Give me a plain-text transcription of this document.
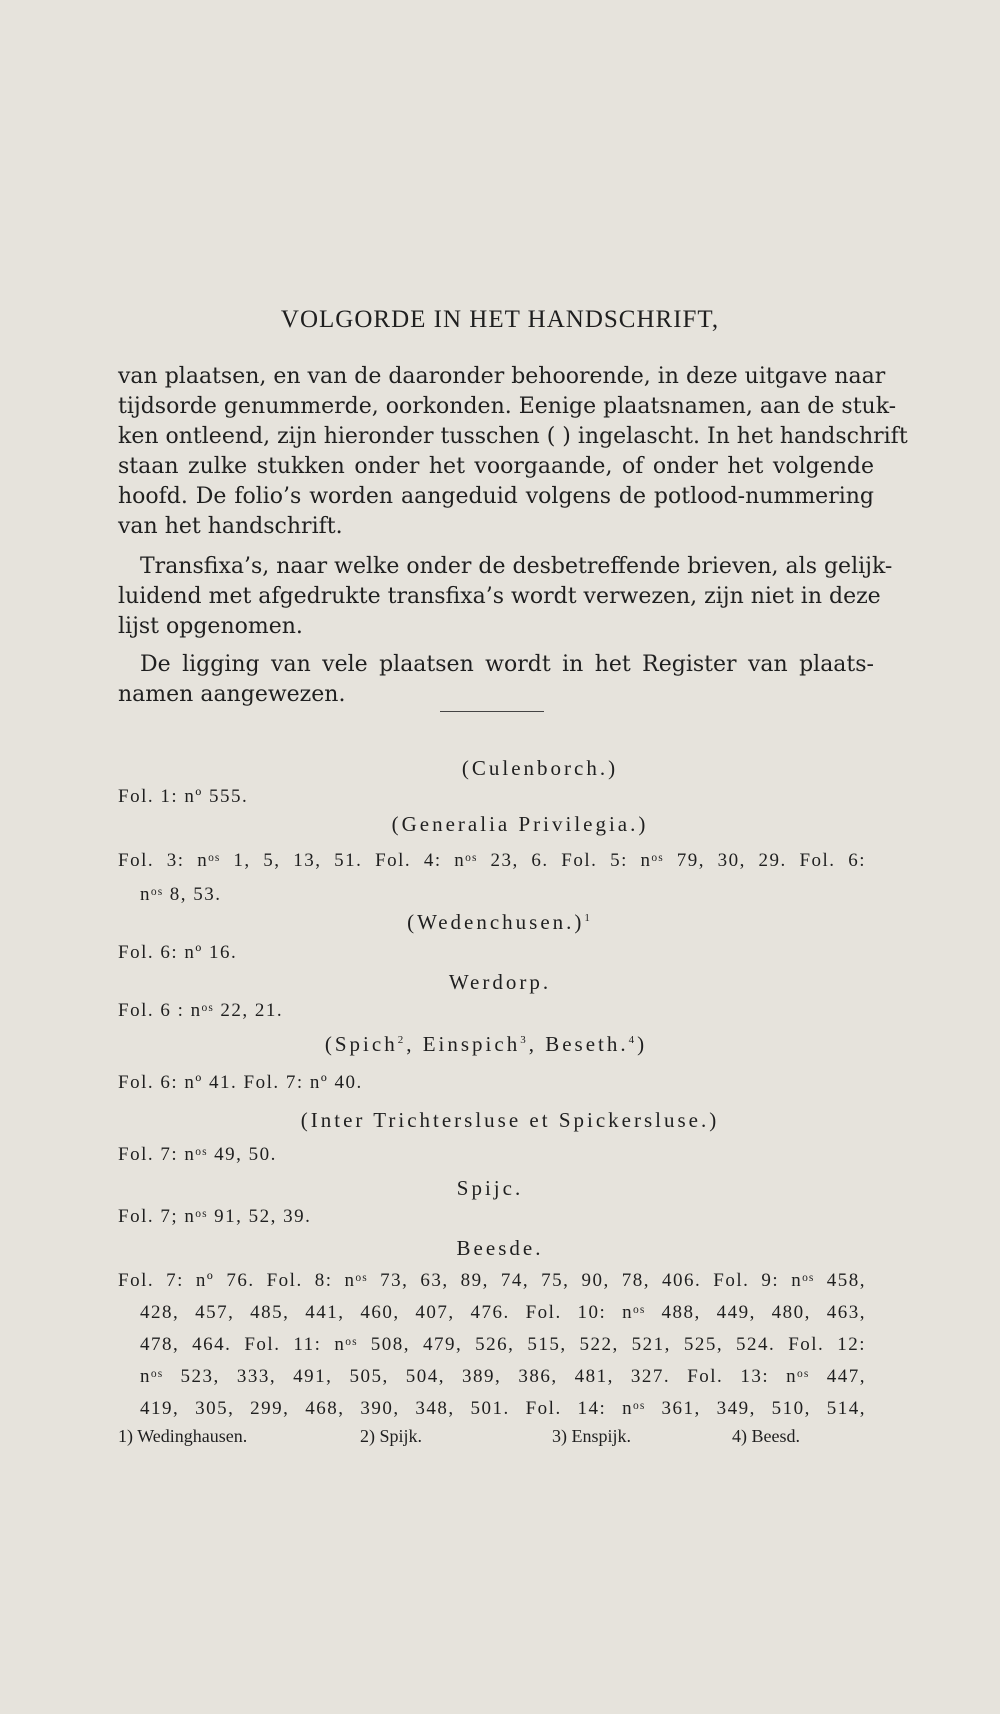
VOLGORDE IN HET HANDSCHRIFT,
van plaatsen, en van de daaronder behoorende, in deze uitgave naar
tijdsorde genummerde, oorkonden. Eenige plaatsnamen, aan de stuk-
ken ontleend, zijn hieronder tusschen ( ) ingelascht. In het handschrift
staan zulke stukken onder het voorgaande, of onder het volgende
hoofd. De folio’s worden aangeduid volgens de potlood-nummering
van het handschrift.
Transfixa’s, naar welke onder de desbetreffende brieven, als gelijk-
luidend met afgedrukte transfixa’s wordt verwezen, zijn niet in deze
lijst opgenomen.
De ligging van vele plaatsen wordt in het Register van plaats-
namen aangewezen.
(Culenborch.)
Fol. 1: nº 555.
(Generalia Privilegia.)
Fol. 3: nᵒˢ 1, 5, 13, 51. Fol. 4: nᵒˢ 23, 6. Fol. 5: nᵒˢ 79, 30, 29. Fol. 6:
nᵒˢ 8, 53.
(Wedenchusen.)$^1$
Fol. 6: nº 16.
Werdorp.
Fol. 6 : nᵒˢ 22, 21.
(Spich$^2$, Einspich$^3$, Beseth.$^4$)
Fol. 6: nº 41. Fol. 7: nº 40.
(Inter Trichtersluse et Spickersluse.)
Fol. 7: nᵒˢ 49, 50.
Spijc.
Fol. 7; nᵒˢ 91, 52, 39.
Beesde.
Fol. 7: nº 76. Fol. 8: nᵒˢ 73, 63, 89, 74, 75, 90, 78, 406. Fol. 9: nᵒˢ 458,
428, 457, 485, 441, 460, 407, 476. Fol. 10: nᵒˢ 488, 449, 480, 463,
478, 464. Fol. 11: nᵒˢ 508, 479, 526, 515, 522, 521, 525, 524. Fol. 12:
nᵒˢ 523, 333, 491, 505, 504, 389, 386, 481, 327. Fol. 13: nᵒˢ 447,
419, 305, 299, 468, 390, 348, 501. Fol. 14: nᵒˢ 361, 349, 510, 514,
1) Wedinghausen.	2) Spijk.	3) Enspijk.	4) Beesd.
